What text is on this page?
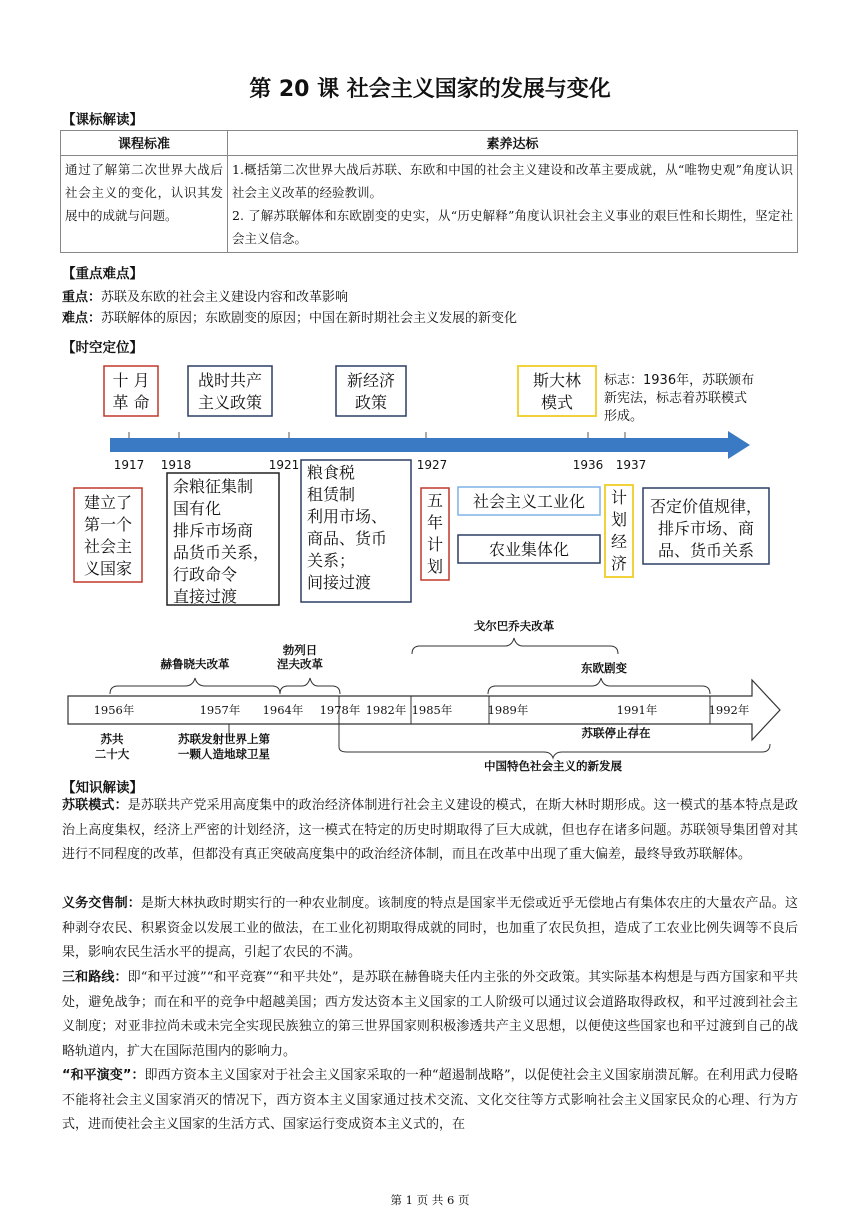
第 20 课 社会主义国家的发展与变化
【课标解读】
课程标准	素养达标
通过了解第二次世界大战后社会主义的变化，认识其发展中的成就与问题。	1.概括第二次世界大战后苏联、东欧和中国的社会主义建设和改革主要成就，从“唯物史观”角度认识社会主义改革的经验教训。
2. 了解苏联解体和东欧剧变的史实，从“历史解释”角度认识社会主义事业的艰巨性和长期性，坚定社会主义信念。
【重点难点】
重点：苏联及东欧的社会主义建设内容和改革影响
难点：苏联解体的原因；东欧剧变的原因；中国在新时期社会主义发展的新变化
【时空定位】
十 月
革 命
战时共产
主义政策
新经济
政策
斯大林
模式
标志：1936年，苏联颁布
新宪法，标志着苏联模式
形成。
1917 1918	1921	1927	1936 1937
建立了
第一个
社会主
义国家
余粮征集制
国有化
排斥市场商
品货币关系，
行政命令
直接过渡
粮食税
租赁制
利用市场、
商品、货币
关系；
间接过渡
五
年
计
划
社会主义工业化
农业集体化
计
划
经
济
否定价值规律，
排斥市场、商
品、货币关系
赫鲁晓夫改革
勃列日
涅夫改革
戈尔巴乔夫改革
东欧剧变
1956年	1957年 1964年 1978年 1982年 1985年	1989年	1991年	1992年
苏共
二十大
苏联发射世界上第
一颗人造地球卫星
苏联停止存在
中国特色社会主义的新发展
【知识解读】
苏联模式：是苏联共产党采用高度集中的政治经济体制进行社会主义建设的模式，在斯大林时期形成。这一模式的基本特点是政治上高度集权，经济上严密的计划经济，这一模式在特定的历史时期取得了巨大成就，但也存在诸多问题。苏联领导集团曾对其进行不同程度的改革，但都没有真正突破高度集中的政治经济体制，而且在改革中出现了重大偏差，最终导致苏联解体。
义务交售制：是斯大林执政时期实行的一种农业制度。该制度的特点是国家半无偿或近乎无偿地占有集体农庄的大量农产品。这种剥夺农民、积累资金以发展工业的做法，在工业化初期取得成就的同时，也加重了农民负担，造成了工农业比例失调等不良后果，影响农民生活水平的提高，引起了农民的不满。
三和路线：即“和平过渡”“和平竞赛”“和平共处”，是苏联在赫鲁晓夫任内主张的外交政策。其实际基本构想是与西方国家和平共处，避免战争；而在和平的竞争中超越美国；西方发达资本主义国家的工人阶级可以通过议会道路取得政权，和平过渡到社会主义制度；对亚非拉尚未或未完全实现民族独立的第三世界国家则积极渗透共产主义思想，以便使这些国家也和平过渡到自己的战略轨道内，扩大在国际范围内的影响力。
“和平演变”：即西方资本主义国家对于社会主义国家采取的一种“超遏制战略”，以促使社会主义国家崩溃瓦解。在利用武力侵略不能将社会主义国家消灭的情况下，西方资本主义国家通过技术交流、文化交往等方式影响社会主义国家民众的心理、行为方式，进而使社会主义国家的生活方式、国家运行变成资本主义式的，在
第 1 页 共 6 页
